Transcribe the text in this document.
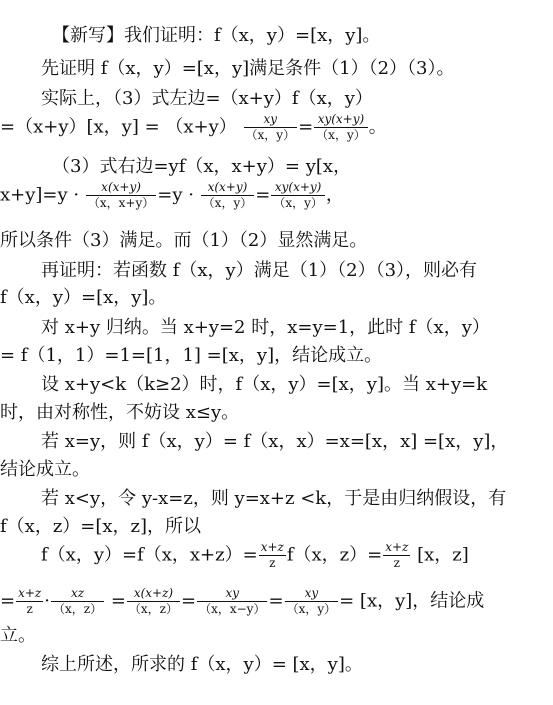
【新写】我们证明：f（x，y）=[x，y]。
先证明 f（x，y）=[x，y]满足条件（1）（2）（3）。
实际上，（3）式左边=（x+y）f（x，y）
=（x+y）[x，$y] = (x+y) \frac{xy}{(x,y)} = \frac{xy(x+y)}{(x,y)}$ 。
（3）式右边=yf（x，x+y）= y[x，
$x+y]=y \cdot \frac{x(x+y)}{(x,x+y)} =y \cdot \frac{x(x+y)}{(x,y)} = \frac{xy(x+y)}{(x,y)}$ ，
所以条件（3）满足。而（1）（2）显然满足。
再证明：若函数 f（x，y）满足（1）（2）（3），则必有
f（x，y）=[x，y]。
对 x+y 归纳。当 x+y=2 时，x=y=1，此时 f（x，y）
= f（1，1）=1=[1，1] =[x，y]，结论成立。
设 x+y<k（k≥2）时，f（x，y）=[x，y]。当 x+y=k
时，由对称性，不妨设 x≤y。
若 x=y，则 f（x，y）= f（x，x）=x=[x，x] =[x，y]，
结论成立。
若 x<y，令 y-x=z，则 y=x+z <k，于是由归纳假设，有
f（x，z）=[x，z]，所以
f（x，y）=f（x，$x+z)= \frac{x+z}{z} f(x$，$z)= \frac{x+z}{z} [x$，z]
= $\frac{x+z}{z} \cdot \frac{xz}{(x,z)} = \frac{x(x+z)}{(x,z)} = \frac{xy}{(x,x-y)} = \frac{xy}{(x,y)} = [x$，y]，结论成
立。
综上所述，所求的 f（x，y）= [x，y]。
